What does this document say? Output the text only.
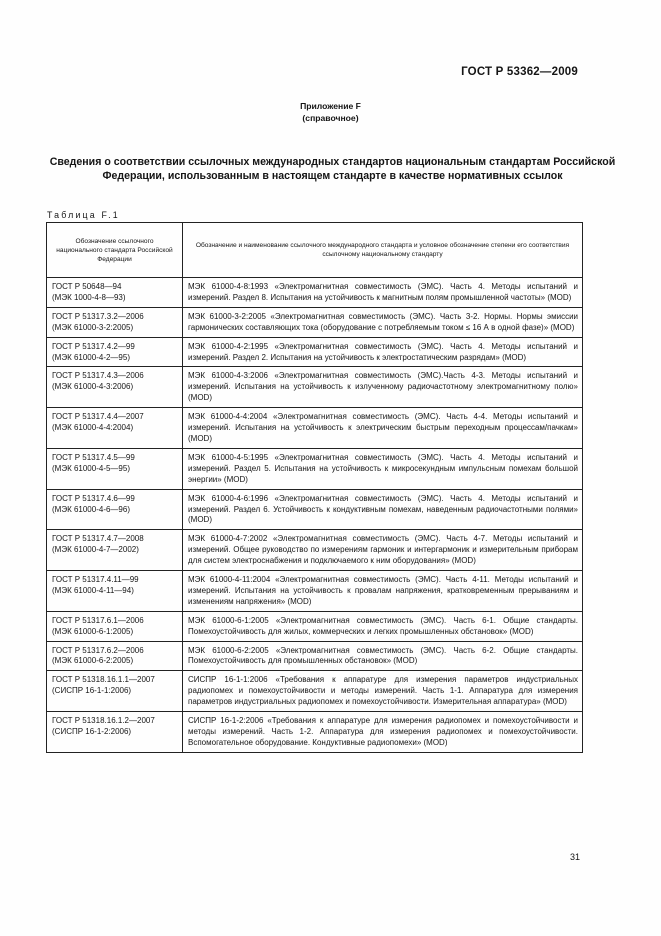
ГОСТ Р 53362—2009
Приложение F
(справочное)
Сведения о соответствии ссылочных международных стандартов национальным стандартам Российской Федерации, использованным в настоящем стандарте в качестве нормативных ссылок
Таблица F.1
Обозначение ссылочного национального стандарта Российской Федерации	Обозначение и наименование ссылочного международного стандарта и условное обозначение степени его соответствия ссылочному национальному стандарту
ГОСТ Р 50648—94
(МЭК 1000-4-8—93)	МЭК 61000-4-8:1993 «Электромагнитная совместимость (ЭМС). Часть 4. Методы испытаний и измерений. Раздел 8. Испытания на устойчивость к магнитным полям промышленной частоты» (MOD)
ГОСТ Р 51317.3.2—2006
(МЭК 61000-3-2:2005)	МЭК 61000-3-2:2005 «Электромагнитная совместимость (ЭМС). Часть 3-2. Нормы. Нормы эмиссии гармонических составляющих тока (оборудование с потребляемым током ≤ 16 А в одной фазе)» (MOD)
ГОСТ Р 51317.4.2—99
(МЭК 61000-4-2—95)	МЭК 61000-4-2:1995 «Электромагнитная совместимость (ЭМС). Часть 4. Методы испытаний и измерений. Раздел 2. Испытания на устойчивость к электростатическим разрядам» (MOD)
ГОСТ Р 51317.4.3—2006
(МЭК 61000-4-3:2006)	МЭК 61000-4-3:2006 «Электромагнитная совместимость (ЭМС).Часть 4-3. Методы испытаний и измерений. Испытания на устойчивость к излученному радиочастотному электромагнитному полю» (MOD)
ГОСТ Р 51317.4.4—2007
(МЭК 61000-4-4:2004)	МЭК 61000-4-4:2004 «Электромагнитная совместимость (ЭМС). Часть 4-4. Методы испытаний и измерений. Испытания на устойчивость к электрическим быстрым переходным процессам/пачкам» (MOD)
ГОСТ Р 51317.4.5—99
(МЭК 61000-4-5—95)	МЭК 61000-4-5:1995 «Электромагнитная совместимость (ЭМС). Часть 4. Методы испытаний и измерений. Раздел 5. Испытания на устойчивость к микросекундным импульсным помехам большой энергии» (MOD)
ГОСТ Р 51317.4.6—99
(МЭК 61000-4-6—96)	МЭК 61000-4-6:1996 «Электромагнитная совместимость (ЭМС). Часть 4. Методы испытаний и измерений. Раздел 6. Устойчивость к кондуктивным помехам, наведенным радиочастотными полями» (MOD)
ГОСТ Р 51317.4.7—2008
(МЭК 61000-4-7—2002)	МЭК 61000-4-7:2002 «Электромагнитная совместимость (ЭМС). Часть 4-7. Методы испытаний и измерений. Общее руководство по измерениям гармоник и интергармоник и измерительным приборам для систем электроснабжения и подключаемого к ним оборудования» (MOD)
ГОСТ Р 51317.4.11—99
(МЭК 61000-4-11—94)	МЭК 61000-4-11:2004 «Электромагнитная совместимость (ЭМС). Часть 4-11. Методы испытаний и измерений. Испытания на устойчивость к провалам напряжения, кратковременным прерываниям и изменениям напряжения» (MOD)
ГОСТ Р 51317.6.1—2006
(МЭК 61000-6-1:2005)	МЭК 61000-6-1:2005 «Электромагнитная совместимость (ЭМС). Часть 6-1. Общие стандарты. Помехоустойчивость для жилых, коммерческих и легких промышленных обстановок» (MOD)
ГОСТ Р 51317.6.2—2006
(МЭК 61000-6-2:2005)	МЭК 61000-6-2:2005 «Электромагнитная совместимость (ЭМС). Часть 6-2. Общие стандарты. Помехоустойчивость для промышленных обстановок» (MOD)
ГОСТ Р 51318.16.1.1—2007
(СИСПР 16-1-1:2006)	СИСПР 16-1-1:2006 «Требования к аппаратуре для измерения параметров индустриальных радиопомех и помехоустойчивости и методы измерений. Часть 1-1. Аппаратура для измерения параметров индустриальных радиопомех и помехоустойчивости. Измерительная аппаратура» (MOD)
ГОСТ Р 51318.16.1.2—2007
(СИСПР 16-1-2:2006)	СИСПР 16-1-2:2006 «Требования к аппаратуре для измерения радиопомех и помехоустойчивости и методы измерений. Часть 1-2. Аппаратура для измерения радиопомех и помехоустойчивости. Вспомогательное оборудование. Кондуктивные радиопомехи» (MOD)
31
